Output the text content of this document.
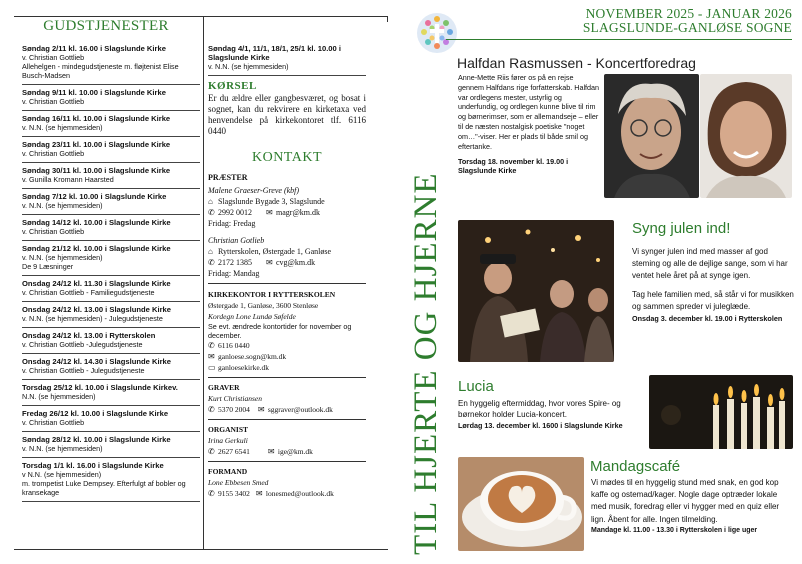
GUDSTJENESTER
Søndag 2/11 kl. 16.00 i Slagslunde Kirke
v. Christian Gottlieb
Allehelgen - mindegudstjeneste m. fløjtenist Elise Busch-Madsen
Søndag 9/11 kl. 10.00 i Slagslunde Kirke
v. Christian Gottlieb
Søndag 16/11 kl. 10.00 i Slagslunde Kirke
v. N.N. (se hjemmesiden)
Søndag 23/11 kl. 10.00 i Slagslunde Kirke
v. Christian Gottlieb
Søndag 30/11 kl. 10.00 i Slagslunde Kirke
v. Gunilla Kromann Haarsted
Søndag 7/12 kl. 10.00 i Slagslunde Kirke
v. N.N. (se hjemmesiden)
Søndag 14/12 kl. 10.00 i Slagslunde Kirke
v. Christian Gottlieb
Søndag 21/12 kl. 10.00 i Slagslunde Kirke
v. N.N. (se hjemmesiden)
De 9 Læsninger
Onsdag 24/12 kl. 11.30 i Slagslunde Kirke
v. Christian Gottlieb - Familiegudstjeneste
Onsdag 24/12 kl. 13.00 i Slagslunde Kirke
v. N.N. (se hjemmesiden) - Julegudstjeneste
Onsdag 24/12 kl. 13.00 i Rytterskolen
v. Christian Gottlieb -Julegudstjeneste
Onsdag 24/12 kl. 14.30 i Slagslunde Kirke
v. Christian Gottlieb - Julegudstjeneste
Torsdag 25/12 kl. 10.00 i Slagslunde Kirkev.
N.N. (se hjemmesiden)
Fredag 26/12 kl. 10.00 i Slagslunde Kirke
v. Christian Gottlieb
Søndag 28/12 kl. 10.00 i Slagslunde Kirke
v. N.N. (se hjemmesiden)
Torsdag 1/1 kl. 16.00 i Slagslunde Kirke
v N.N. (se hjemmesiden)
m. trompetist Luke Dempsey. Efterfulgt af bobler og kransekage
Søndag 4/1, 11/1, 18/1, 25/1 kl. 10.00 i Slagslunde Kirke
v. N.N. (se hjemmesiden)
KØRSEL
Er du ældre eller gangbesværet, og bosat i sognet, kan du rekvirere en kirketaxa ved henvendelse på kirkekontoret tlf. 6116 0440
KONTAKT
PRÆSTER
Malene Graeser-Greve (kbf)
⌂ Slagslunde Bygade 3, Slagslunde
✆ 2992 0012 ✉ magr@km.dk
Fridag: Fredag
Christian Gotlieb
⌂ Rytterskolen, Østergade 1, Ganløse
✆ 2172 1385 ✉ cvg@km.dk
Fridag: Mandag
KIRKEKONTOR I RYTTERSKOLEN
Østergade 1, Ganløse, 3600 Stenløse
Kordegn Lone Lundø Søfelde
Se evt. ændrede kontortider for november og december.
✆ 6116 0440
✉ ganloese.sogn@km.dk
▭ ganloesekirke.dk
GRAVER
Kurt Christiansen
✆ 5370 2004 ✉ sggraver@outlook.dk
ORGANIST
Irina Gerkuli
✆ 2627 6541 ✉ ige@km.dk
FORMAND
Lone Ebbesen Smed
✆ 9155 3402 ✉ lonesmed@outlook.dk	TIL HJERTE OG HJERNE
NOVEMBER 2025 - JANUAR 2026
SLAGSLUNDE-GANLØSE SOGNE
Halfdan Rasmussen - Koncertforedrag
Anne-Mette Riis fører os på en rejse gennem Halfdans rige forfatterskab. Halfdan var ordlegens mester, ustyrlig og underfundig, og ordlegen kunne blive til rim og børnerimser, som er allemandseje – eller til de næsten nostalgisk poetiske "noget om…"-viser. Her er plads til både smil og eftertanke.
Torsdag 18. november kl. 19.00 i Slagslunde Kirke
Syng julen ind!
Vi synger julen ind med masser af god steming og alle de dejlige sange, som vi har ventet hele året på at synge igen.
Tag hele familien med, så står vi for musikken og sammen spreder vi juleglæde.
Onsdag 3. december kl. 19.00 i Rytterskolen
Lucia
En hyggelig eftermiddag, hvor vores Spire- og børnekor holder Lucia-koncert.
Lørdag 13. december kl. 1600 i Slagslunde Kirke
Mandagscafé
Vi mødes til en hyggelig stund med snak, en god kop kaffe og ostemad/kager. Nogle dage optræder lokale med musik, foredrag eller vi hygger med en quiz eller lign. Åbent for alle. Ingen tilmelding.
Mandage kl. 11.00 - 13.30 i Rytterskolen i lige uger
